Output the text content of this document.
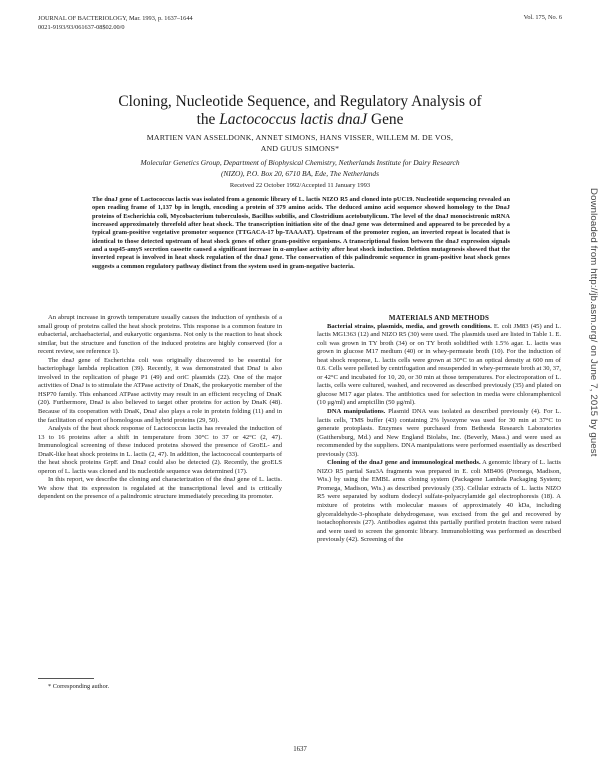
JOURNAL OF BACTERIOLOGY, Mar. 1993, p. 1637–1644
0021-9193/93/061637-08$02.00/0
Vol. 175, No. 6
Downloaded from http://jb.asm.org/ on June 7, 2015 by guest
Cloning, Nucleotide Sequence, and Regulatory Analysis of
the Lactococcus lactis dnaJ Gene
MARTIEN VAN ASSELDONK, ANNET SIMONS, HANS VISSER, WILLEM M. DE VOS,
AND GUUS SIMONS*
Molecular Genetics Group, Department of Biophysical Chemistry, Netherlands Institute for Dairy Research
(NIZO), P.O. Box 20, 6710 BA, Ede, The Netherlands
Received 22 October 1992/Accepted 11 January 1993
The dnaJ gene of Lactococcus lactis was isolated from a genomic library of L. lactis NIZO R5 and cloned into pUC19. Nucleotide sequencing revealed an open reading frame of 1,137 bp in length, encoding a protein of 379 amino acids. The deduced amino acid sequence showed homology to the DnaJ proteins of Escherichia coli, Mycobacterium tuberculosis, Bacillus subtilis, and Clostridium acetobutylicum. The level of the dnaJ monocistronic mRNA increased approximately threefold after heat shock. The transcription initiation site of the dnaJ gene was determined and appeared to be preceded by a typical gram-positive vegetative promoter sequence (TTGACA-17 bp-TAAAAT). Upstream of the promoter region, an inverted repeat is located that is identical to those detected upstream of heat shock genes of other gram-positive organisms. A transcriptional fusion between the dnaJ expression signals and a usp45-amyS secretion cassette caused a significant increase in α-amylase activity after heat shock induction. Deletion mutagenesis showed that the inverted repeat is involved in heat shock regulation of the dnaJ gene. The conservation of this palindromic sequence in gram-positive heat shock genes suggests a common regulatory pathway distinct from the system used in gram-negative bacteria.

An abrupt increase in growth temperature usually causes the induction of synthesis of a small group of proteins called the heat shock proteins. This response is a common feature in eubacterial, archaebacterial, and eukaryotic organisms. Not only is the reaction to heat shock similar, but the structure and function of the induced proteins are highly conserved (for a recent review, see reference 1).

The dnaJ gene of Escherichia coli was originally discovered to be essential for bacteriophage lambda replication (39). Recently, it was demonstrated that DnaJ is also involved in the replication of phage P1 (49) and oriC plasmids (22). One of the major activities of DnaJ is to stimulate the ATPase activity of DnaK, the prokaryotic member of the HSP70 family. This enhanced ATPase activity may result in an efficient recycling of DnaK (20). Furthermore, DnaJ is also believed to target other proteins for action by DnaK (48). Because of its cooperation with DnaK, DnaJ also plays a role in protein folding (11) and in the facilitation of export of homologous and hybrid proteins (29, 50).

Analysis of the heat shock response of Lactococcus lactis has revealed the induction of 13 to 16 proteins after a shift in temperature from 30°C to 37 or 42°C (2, 47). Immunological screening of these induced proteins showed the presence of GroEL- and DnaK-like heat shock proteins in L. lactis (2, 47). In addition, the lactococcal counterparts of the heat shock proteins GrpE and DnaJ could also be detected (2). Recently, the groELS operon of L. lactis was cloned and its nucleotide sequence was determined (17).

In this report, we describe the cloning and characterization of the dnaJ gene of L. lactis. We show that its expression is regulated at the transcriptional level and is critically dependent on the presence of a palindromic structure immediately preceding its promoter.

MATERIALS AND METHODS

Bacterial strains, plasmids, media, and growth conditions. E. coli JM83 (45) and L. lactis MG1363 (12) and NIZO R5 (30) were used. The plasmids used are listed in Table 1. E. coli was grown in TY broth (34) or on TY broth solidified with 1.5% agar. L. lactis was grown in glucose M17 medium (40) or in whey-permeate broth (10). For the induction of heat shock response, L. lactis cells were grown at 30°C to an optical density at 600 nm of 0.6. Cells were pelleted by centrifugation and resuspended in whey-permeate broth at 30, 37, or 42°C and incubated for 10, 20, or 30 min at those temperatures. For electroporation of L. lactis, cells were cultured, washed, and recovered as described previously (35) and plated on glucose M17 agar plates. The antibiotics used for selection in media were chloramphenicol (10 μg/ml) and ampicillin (50 μg/ml).

DNA manipulations. Plasmid DNA was isolated as described previously (4). For L. lactis cells, TMS buffer (43) containing 2% lysozyme was used for 30 min at 37°C to generate protoplasts. Enzymes were purchased from Bethesda Research Laboratories (Gaithersburg, Md.) and New England Biolabs, Inc. (Beverly, Mass.) and were used as recommended by the suppliers. DNA manipulations were performed essentially as described previously (33).

Cloning of the dnaJ gene and immunological methods. A genomic library of L. lactis NIZO R5 partial Sau3A fragments was prepared in E. coli MB406 (Promega, Madison, Wis.) by using the EMBL arms cloning system (Packagene Lambda Packaging System; Promega, Madison, Wis.) as described previously (35). Cellular extracts of L. lactis NIZO R5 were separated by sodium dodecyl sulfate-polyacrylamide gel electrophoresis (18). A mixture of proteins with molecular masses of approximately 40 kDa, including glyceraldehyde-3-phosphate dehydrogenase, was excised from the gel and recovered by isotachophoresis (27). Antibodies against this partially purified protein fraction were raised and were used to screen the genomic library. Immunoblotting was performed as described previously (42). Screening of the

* Corresponding author.
1637
